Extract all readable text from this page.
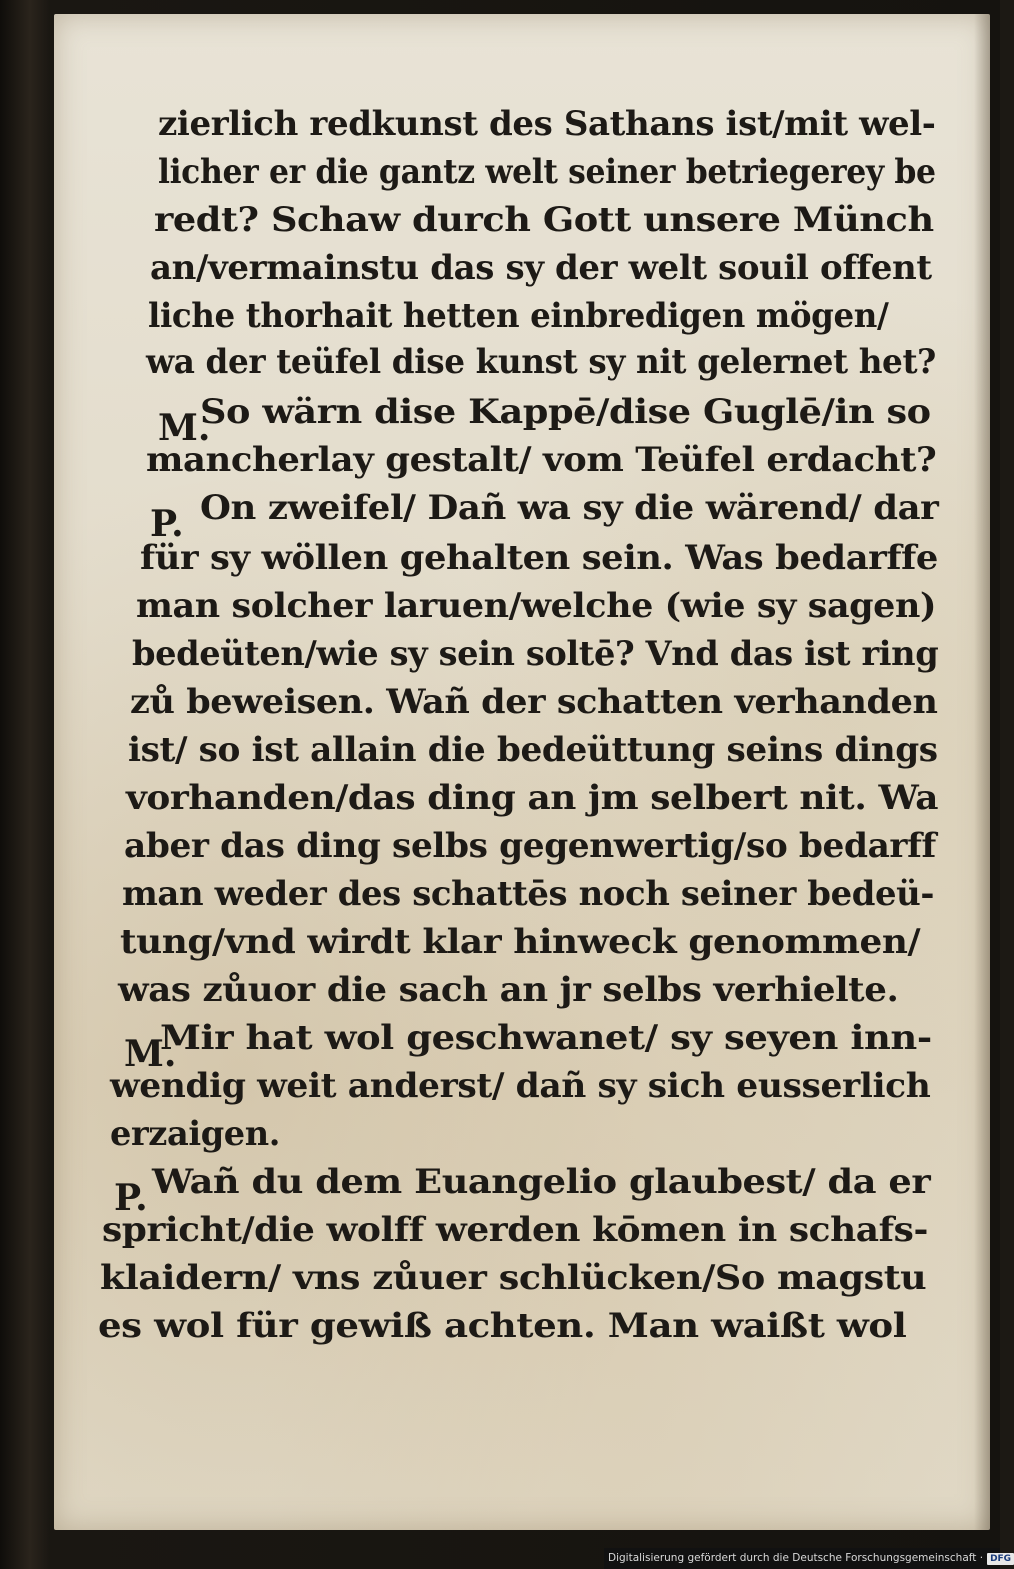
zierlich redkunst des Sathans ist/mit wel-
licher er die gantz welt seiner betriegerey be
redt? Schaw durch Gott unsere Münch
an/vermainstu das sy der welt souil offent
liche thorhait hetten einbredigen mögen/
wa der teüfel dise kunst sy nit gelernet het?
M.
So wärn dise Kappē/dise Guglē/in so
mancherlay gestalt/ vom Teüfel erdacht?
P. On zweifel/ Dañ wa sy die wärend/ dar
für sy wöllen gehalten sein. Was bedarffe
man solcher laruen/welche (wie sy sagen)
bedeüten/wie sy sein soltē? Vnd das ist ring
zů beweisen. Wañ der schatten verhanden
ist/ so ist allain die bedeüttung seins dings
vorhanden/das ding an jm selbert nit. Wa
aber das ding selbs gegenwertig/so bedarff
man weder des schattēs noch seiner bedeü-
tung/vnd wirdt klar hinweck genommen/
was zůuor die sach an jr selbs verhielte.
M.
Mir hat wol geschwanet/ sy seyen inn-
wendig weit anderst/ dañ sy sich eusserlich
erzaigen.
P. Wañ du dem Euangelio glaubest/ da er
spricht/die wolff werden kōmen in schafs-
klaidern/ vns zůuer schlücken/So magstu
es wol für gewiß achten. Man waißt wol
Digitalisierung gefördert durch die Deutsche Forschungsgemeinschaft · DFG
